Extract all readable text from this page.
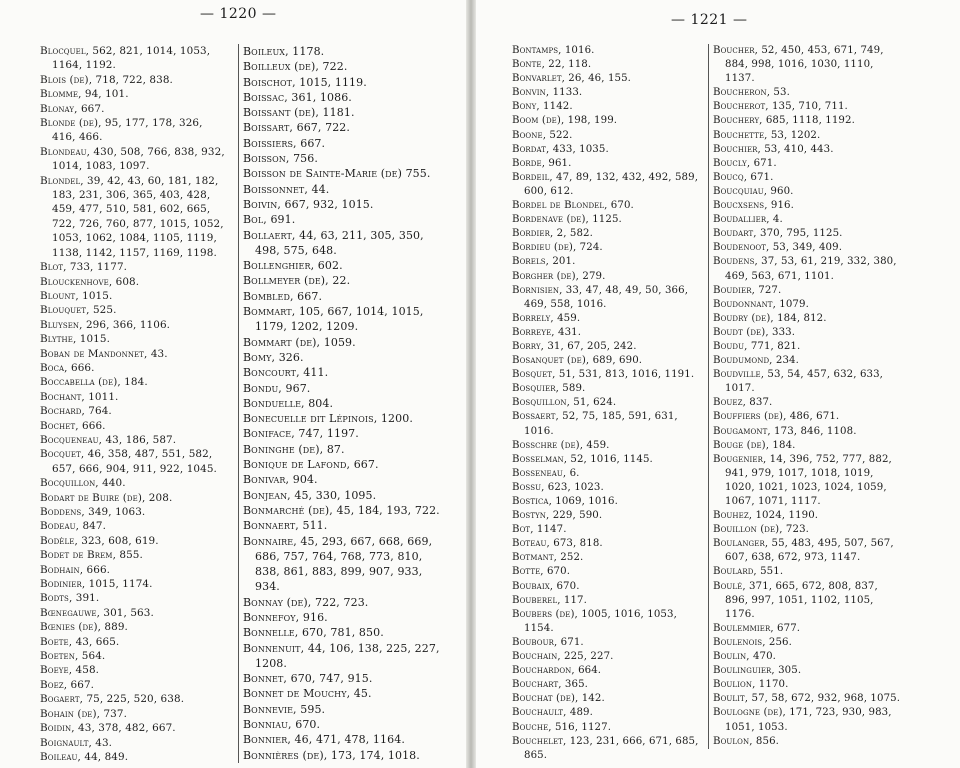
— 1220 —
Blocquel, 562, 821, 1014, 1053, 1164, 1192.
Blois (de), 718, 722, 838.
Blomme, 94, 101.
Blonay, 667.
Blonde (de), 95, 177, 178, 326, 416, 466.
Blondeau, 430, 508, 766, 838, 932, 1014, 1083, 1097.
Blondel, 39, 42, 43, 60, 181, 182, 183, 231, 306, 365, 403, 428, 459, 477, 510, 581, 602, 665, 722, 726, 760, 877, 1015, 1052, 1053, 1062, 1084, 1105, 1119, 1138, 1142, 1157, 1169, 1198.
Blot, 733, 1177.
Blouckenhove, 608.
Blount, 1015.
Blouquet, 525.
Bluysen, 296, 366, 1106.
Blythe, 1015.
Boban de Mandonnet, 43.
Boca, 666.
Boccabella (de), 184.
Bochant, 1011.
Bochard, 764.
Bochet, 666.
Bocqueneau, 43, 186, 587.
Bocquet, 46, 358, 487, 551, 582, 657, 666, 904, 911, 922, 1045.
Bocquillon, 440.
Bodart de Buire (de), 208.
Boddens, 349, 1063.
Bodeau, 847.
Bodèle, 323, 608, 619.
Bodet de Brem, 855.
Bodhain, 666.
Bodinier, 1015, 1174.
Bodts, 391.
Bœnegauwe, 301, 563.
Bœnies (de), 889.
Boete, 43, 665.
Boeten, 564.
Boeye, 458.
Boez, 667.
Bogaert, 75, 225, 520, 638.
Bohain (de), 737.
Boidin, 43, 378, 482, 667.
Boignault, 43.
Boileau, 44, 849.
Boileux, 1178.
Boilleux (de), 722.
Boischot, 1015, 1119.
Boissac, 361, 1086.
Boissant (de), 1181.
Boissart, 667, 722.
Boissiers, 667.
Boisson, 756.
Boisson de Sainte-Marie (de) 755.
Boissonnet, 44.
Boivin, 667, 932, 1015.
Bol, 691.
Bollaert, 44, 63, 211, 305, 350, 498, 575, 648.
Bollenghier, 602.
Bollmeyer (de), 22.
Bombled, 667.
Bommart, 105, 667, 1014, 1015, 1179, 1202, 1209.
Bommart (de), 1059.
Bomy, 326.
Boncourt, 411.
Bondu, 967.
Bonduelle, 804.
Bonecuelle dit Lépinois, 1200.
Boniface, 747, 1197.
Boninghe (de), 87.
Bonique de Lafond, 667.
Bonivar, 904.
Bonjean, 45, 330, 1095.
Bonmarché (de), 45, 184, 193, 722.
Bonnaert, 511.
Bonnaire, 45, 293, 667, 668, 669, 686, 757, 764, 768, 773, 810, 838, 861, 883, 899, 907, 933, 934.
Bonnay (de), 722, 723.
Bonnefoy, 916.
Bonnelle, 670, 781, 850.
Bonnenuit, 44, 106, 138, 225, 227, 1208.
Bonnet, 670, 747, 915.
Bonnet de Mouchy, 45.
Bonnevie, 595.
Bonniau, 670.
Bonnier, 46, 471, 478, 1164.
Bonnières (de), 173, 174, 1018.
— 1221 —
Bontamps, 1016.
Bonte, 22, 118.
Bonvarlet, 26, 46, 155.
Bonvin, 1133.
Bony, 1142.
Boom (de), 198, 199.
Boone, 522.
Bordat, 433, 1035.
Borde, 961.
Bordeil, 47, 89, 132, 432, 492, 589, 600, 612.
Bordel de Blondel, 670.
Bordenave (de), 1125.
Bordier, 2, 582.
Bordieu (de), 724.
Borels, 201.
Borgher (de), 279.
Bornisien, 33, 47, 48, 49, 50, 366, 469, 558, 1016.
Borrely, 459.
Borreye, 431.
Borry, 31, 67, 205, 242.
Bosanquet (de), 689, 690.
Bosquet, 51, 531, 813, 1016, 1191.
Bosquier, 589.
Bosquillon, 51, 624.
Bossaert, 52, 75, 185, 591, 631, 1016.
Bosschre (de), 459.
Bosselman, 52, 1016, 1145.
Bosseneau, 6.
Bossu, 623, 1023.
Bostica, 1069, 1016.
Bostyn, 229, 590.
Bot, 1147.
Boteau, 673, 818.
Botmant, 252.
Botte, 670.
Boubaix, 670.
Bouberel, 117.
Boubers (de), 1005, 1016, 1053, 1154.
Boubour, 671.
Bouchain, 225, 227.
Bouchardon, 664.
Bouchart, 365.
Bouchat (de), 142.
Bouchault, 489.
Bouche, 516, 1127.
Bouchelet, 123, 231, 666, 671, 685, 865.
Boucher, 52, 450, 453, 671, 749, 884, 998, 1016, 1030, 1110, 1137.
Boucheron, 53.
Boucherot, 135, 710, 711.
Bouchery, 685, 1118, 1192.
Bouchette, 53, 1202.
Bouchier, 53, 410, 443.
Boucly, 671.
Boucq, 671.
Boucquiau, 960.
Boucxsens, 916.
Boudallier, 4.
Boudart, 370, 795, 1125.
Boudenoot, 53, 349, 409.
Boudens, 37, 53, 61, 219, 332, 380, 469, 563, 671, 1101.
Boudier, 727.
Boudonnant, 1079.
Boudry (de), 184, 812.
Boudt (de), 333.
Boudu, 771, 821.
Boudumond, 234.
Boudville, 53, 54, 457, 632, 633, 1017.
Bouez, 837.
Bouffiers (de), 486, 671.
Bougamont, 173, 846, 1108.
Bouge (de), 184.
Bougenier, 14, 396, 752, 777, 882, 941, 979, 1017, 1018, 1019, 1020, 1021, 1023, 1024, 1059, 1067, 1071, 1117.
Bouhez, 1024, 1190.
Bouillon (de), 723.
Boulanger, 55, 483, 495, 507, 567, 607, 638, 672, 973, 1147.
Boulard, 551.
Boulé, 371, 665, 672, 808, 837, 896, 997, 1051, 1102, 1105, 1176.
Boulemmier, 677.
Boulenois, 256.
Boulin, 470.
Boulinguier, 305.
Boulion, 1170.
Boulit, 57, 58, 672, 932, 968, 1075.
Boulogne (de), 171, 723, 930, 983, 1051, 1053.
Boulon, 856.
